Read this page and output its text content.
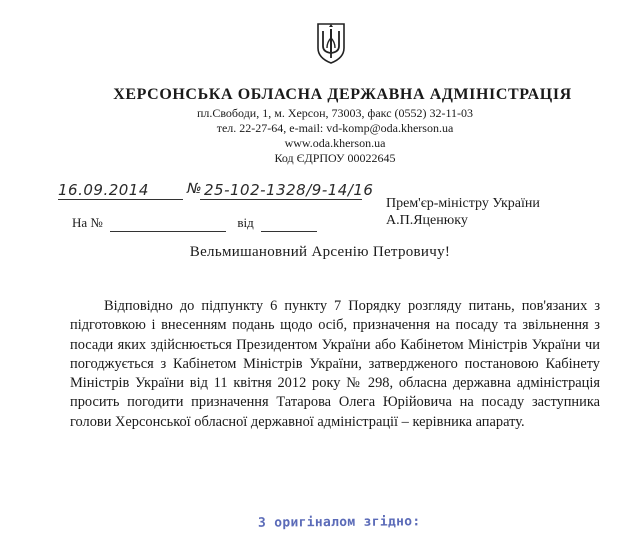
ХЕРСОНСЬКА ОБЛАСНА ДЕРЖАВНА АДМІНІСТРАЦІЯ
пл.Свободи, 1, м. Херсон, 73003, факс (0552) 32-11-03
тел. 22-27-64, e-mail: vd-komp@oda.kherson.ua
www.oda.kherson.ua
Код ЄДРПОУ 00022645
16.09.2014	№ 25-102-1328/9-14/16
На №	від
Прем'єр-міністру України
А.П.Яценюку
Вельмишановний Арсенію Петровичу!

Відповідно до підпункту 6 пункту 7 Порядку розгляду питань, пов'язаних з підготовкою і внесенням подань щодо осіб, призначення на посаду та звільнення з посади яких здійснюється Президентом України або Кабінетом Міністрів України чи погоджується з Кабінетом Міністрів України, затвердженого постановою Кабінету Міністрів України від 11 квітня 2012 року № 298, обласна державна адміністрація просить погодити призначення Татарова Олега Юрійовича на посаду заступника голови Херсонської обласної державної адміністрації – керівника апарату.

З оригіналом згідно:
